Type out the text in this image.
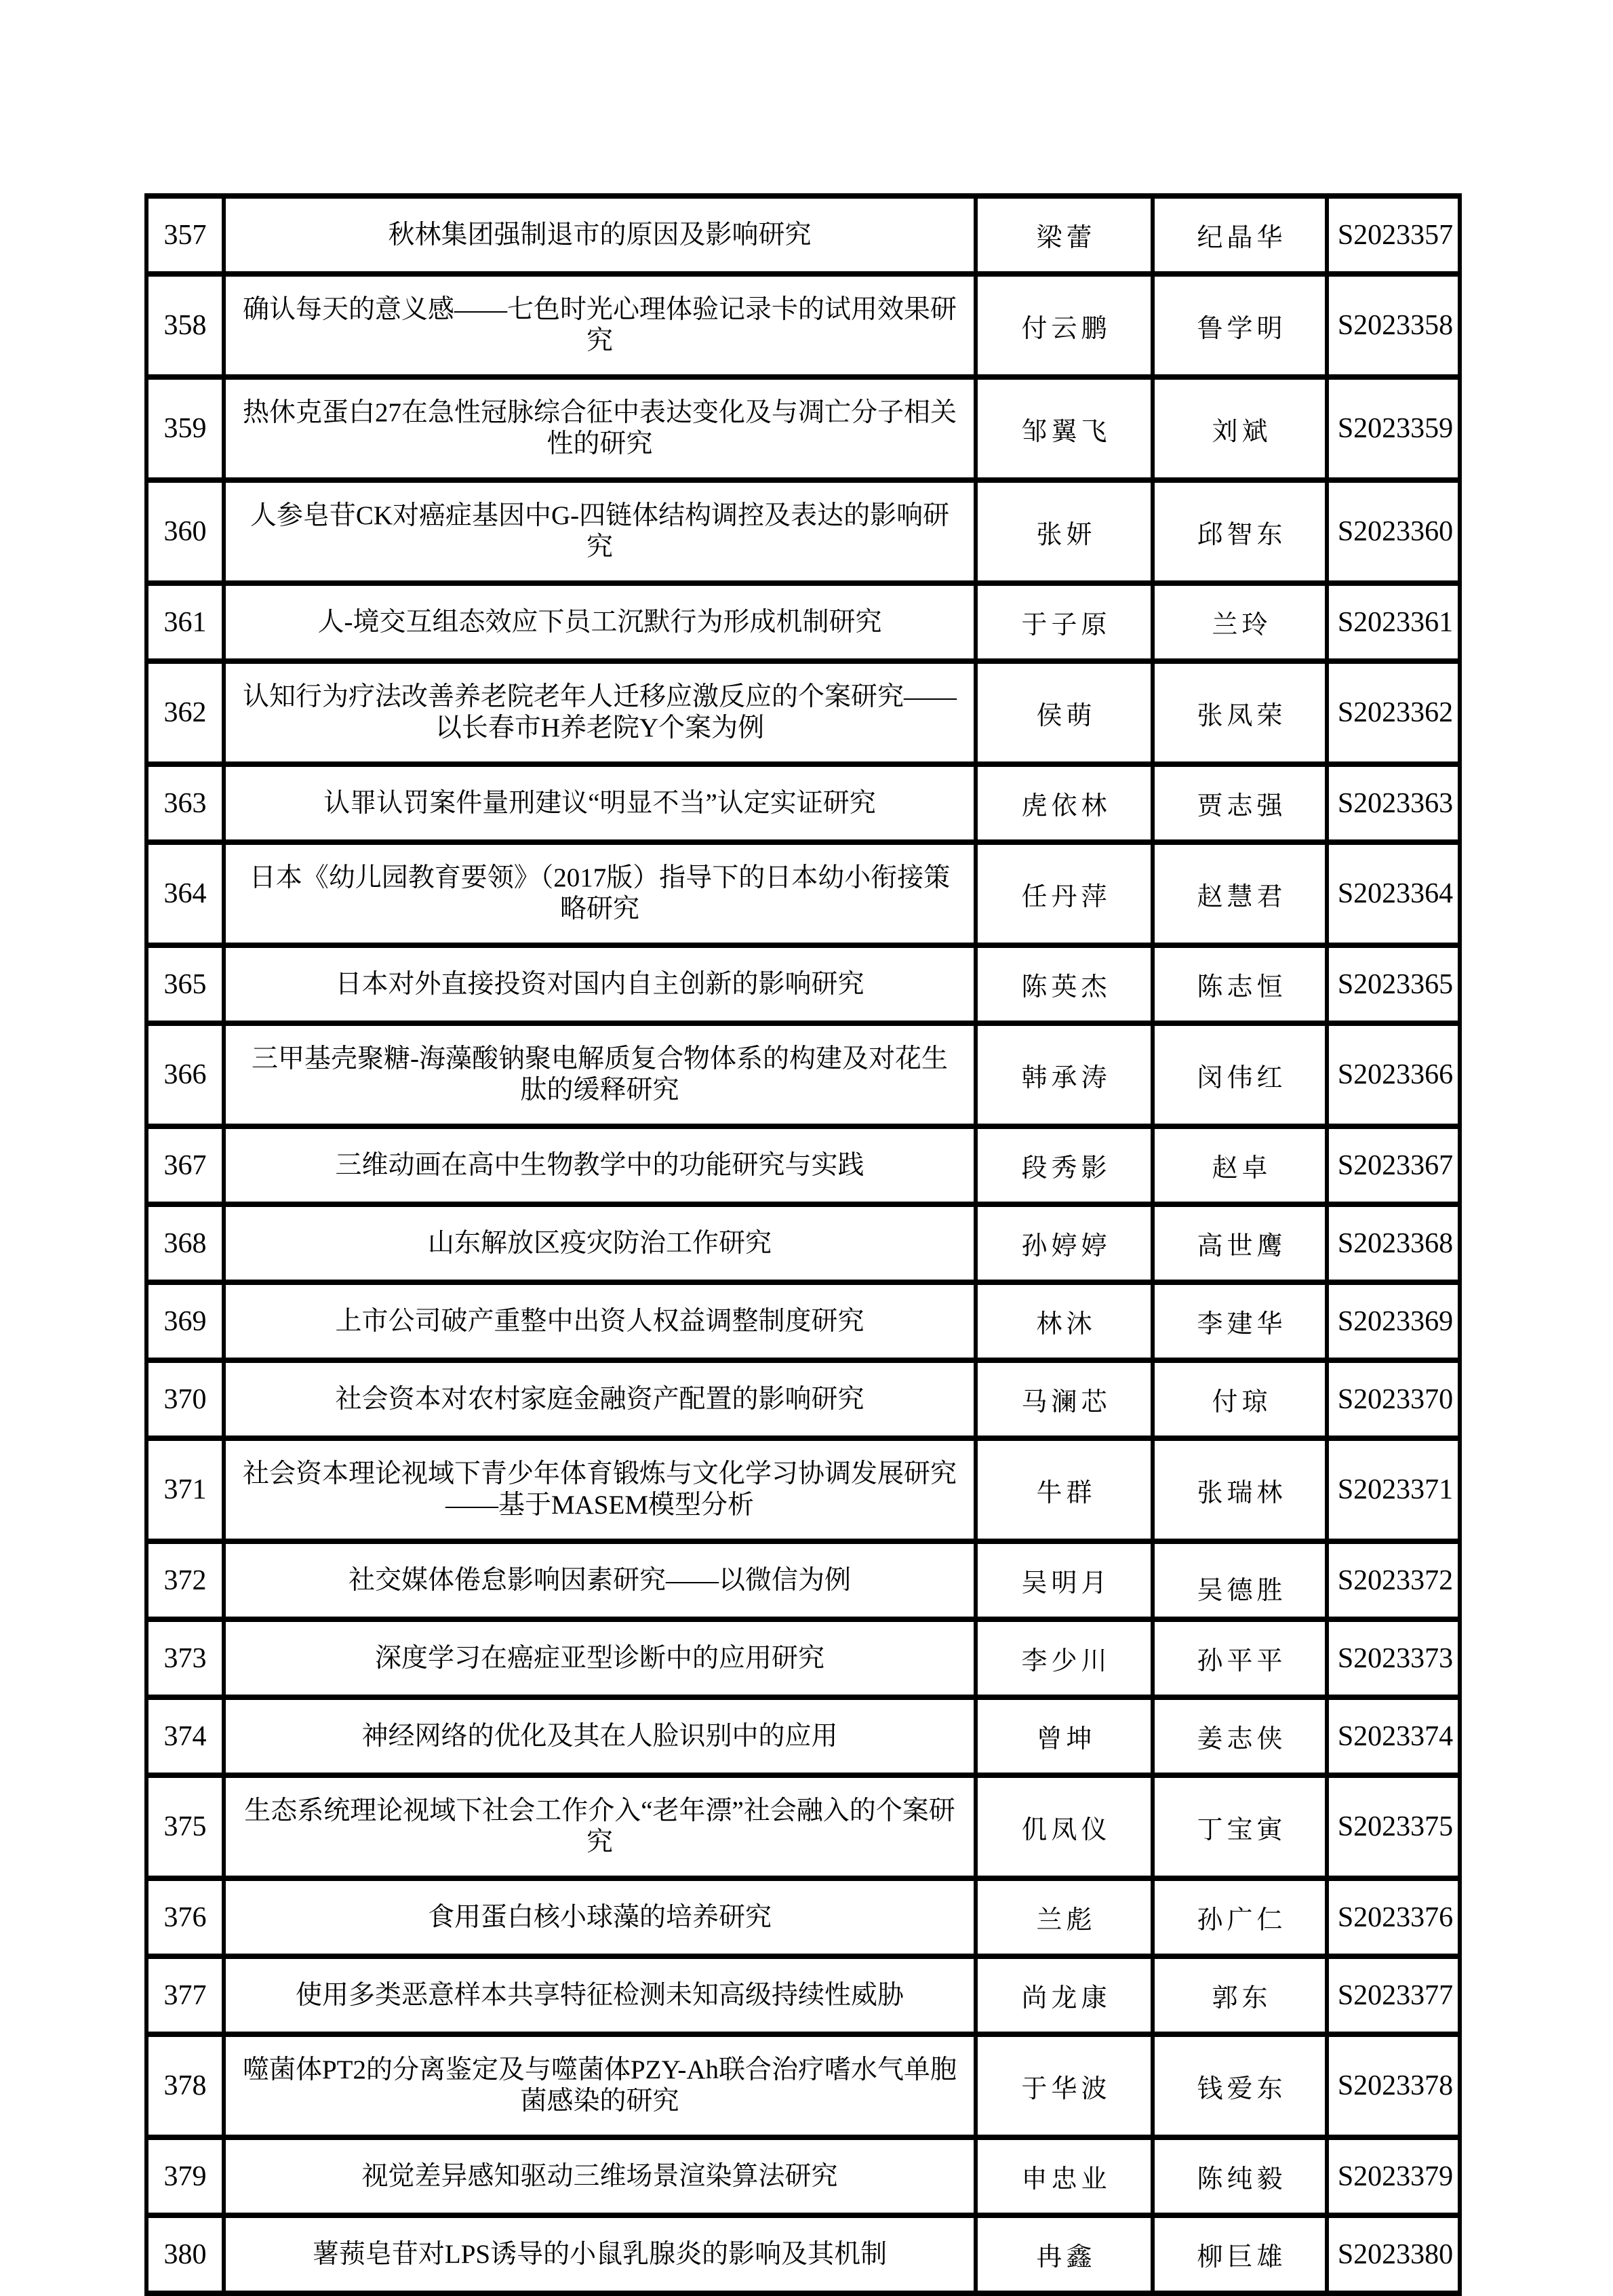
357	秋林集团强制退市的原因及影响研究	梁蕾	纪晶华	S2023357
358	确认每天的意义感——七色时光心理体验记录卡的试用效果研究	付云鹏	鲁学明	S2023358
359	热休克蛋白27在急性冠脉综合征中表达变化及与凋亡分子相关性的研究	邹翼飞	刘斌	S2023359
360	人参皂苷CK对癌症基因中G-四链体结构调控及表达的影响研究	张妍	邱智东	S2023360
361	人-境交互组态效应下员工沉默行为形成机制研究	于子原	兰玲	S2023361
362	认知行为疗法改善养老院老年人迁移应激反应的个案研究——以长春市H养老院Y个案为例	侯萌	张凤荣	S2023362
363	认罪认罚案件量刑建议“明显不当”认定实证研究	虎依林	贾志强	S2023363
364	日本《幼儿园教育要领》（2017版）指导下的日本幼小衔接策略研究	任丹萍	赵慧君	S2023364
365	日本对外直接投资对国内自主创新的影响研究	陈英杰	陈志恒	S2023365
366	三甲基壳聚糖-海藻酸钠聚电解质复合物体系的构建及对花生肽的缓释研究	韩承涛	闵伟红	S2023366
367	三维动画在高中生物教学中的功能研究与实践	段秀影	赵卓	S2023367
368	山东解放区疫灾防治工作研究	孙婷婷	高世鹰	S2023368
369	上市公司破产重整中出资人权益调整制度研究	林沐	李建华	S2023369
370	社会资本对农村家庭金融资产配置的影响研究	马澜芯	付琼	S2023370
371	社会资本理论视域下青少年体育锻炼与文化学习协调发展研究——基于MASEM模型分析	牛群	张瑞林	S2023371
372	社交媒体倦怠影响因素研究——以微信为例	吴明月	吴德胜	S2023372
373	深度学习在癌症亚型诊断中的应用研究	李少川	孙平平	S2023373
374	神经网络的优化及其在人脸识别中的应用	曾坤	姜志侠	S2023374
375	生态系统理论视域下社会工作介入“老年漂”社会融入的个案研究	仉凤仪	丁宝寅	S2023375
376	食用蛋白核小球藻的培养研究	兰彪	孙广仁	S2023376
377	使用多类恶意样本共享特征检测未知高级持续性威胁	尚龙康	郭东	S2023377
378	噬菌体PT2的分离鉴定及与噬菌体PZY-Ah联合治疗嗜水气单胞菌感染的研究	于华波	钱爱东	S2023378
379	视觉差异感知驱动三维场景渲染算法研究	申忠业	陈纯毅	S2023379
380	薯蓣皂苷对LPS诱导的小鼠乳腺炎的影响及其机制	冉鑫	柳巨雄	S2023380
